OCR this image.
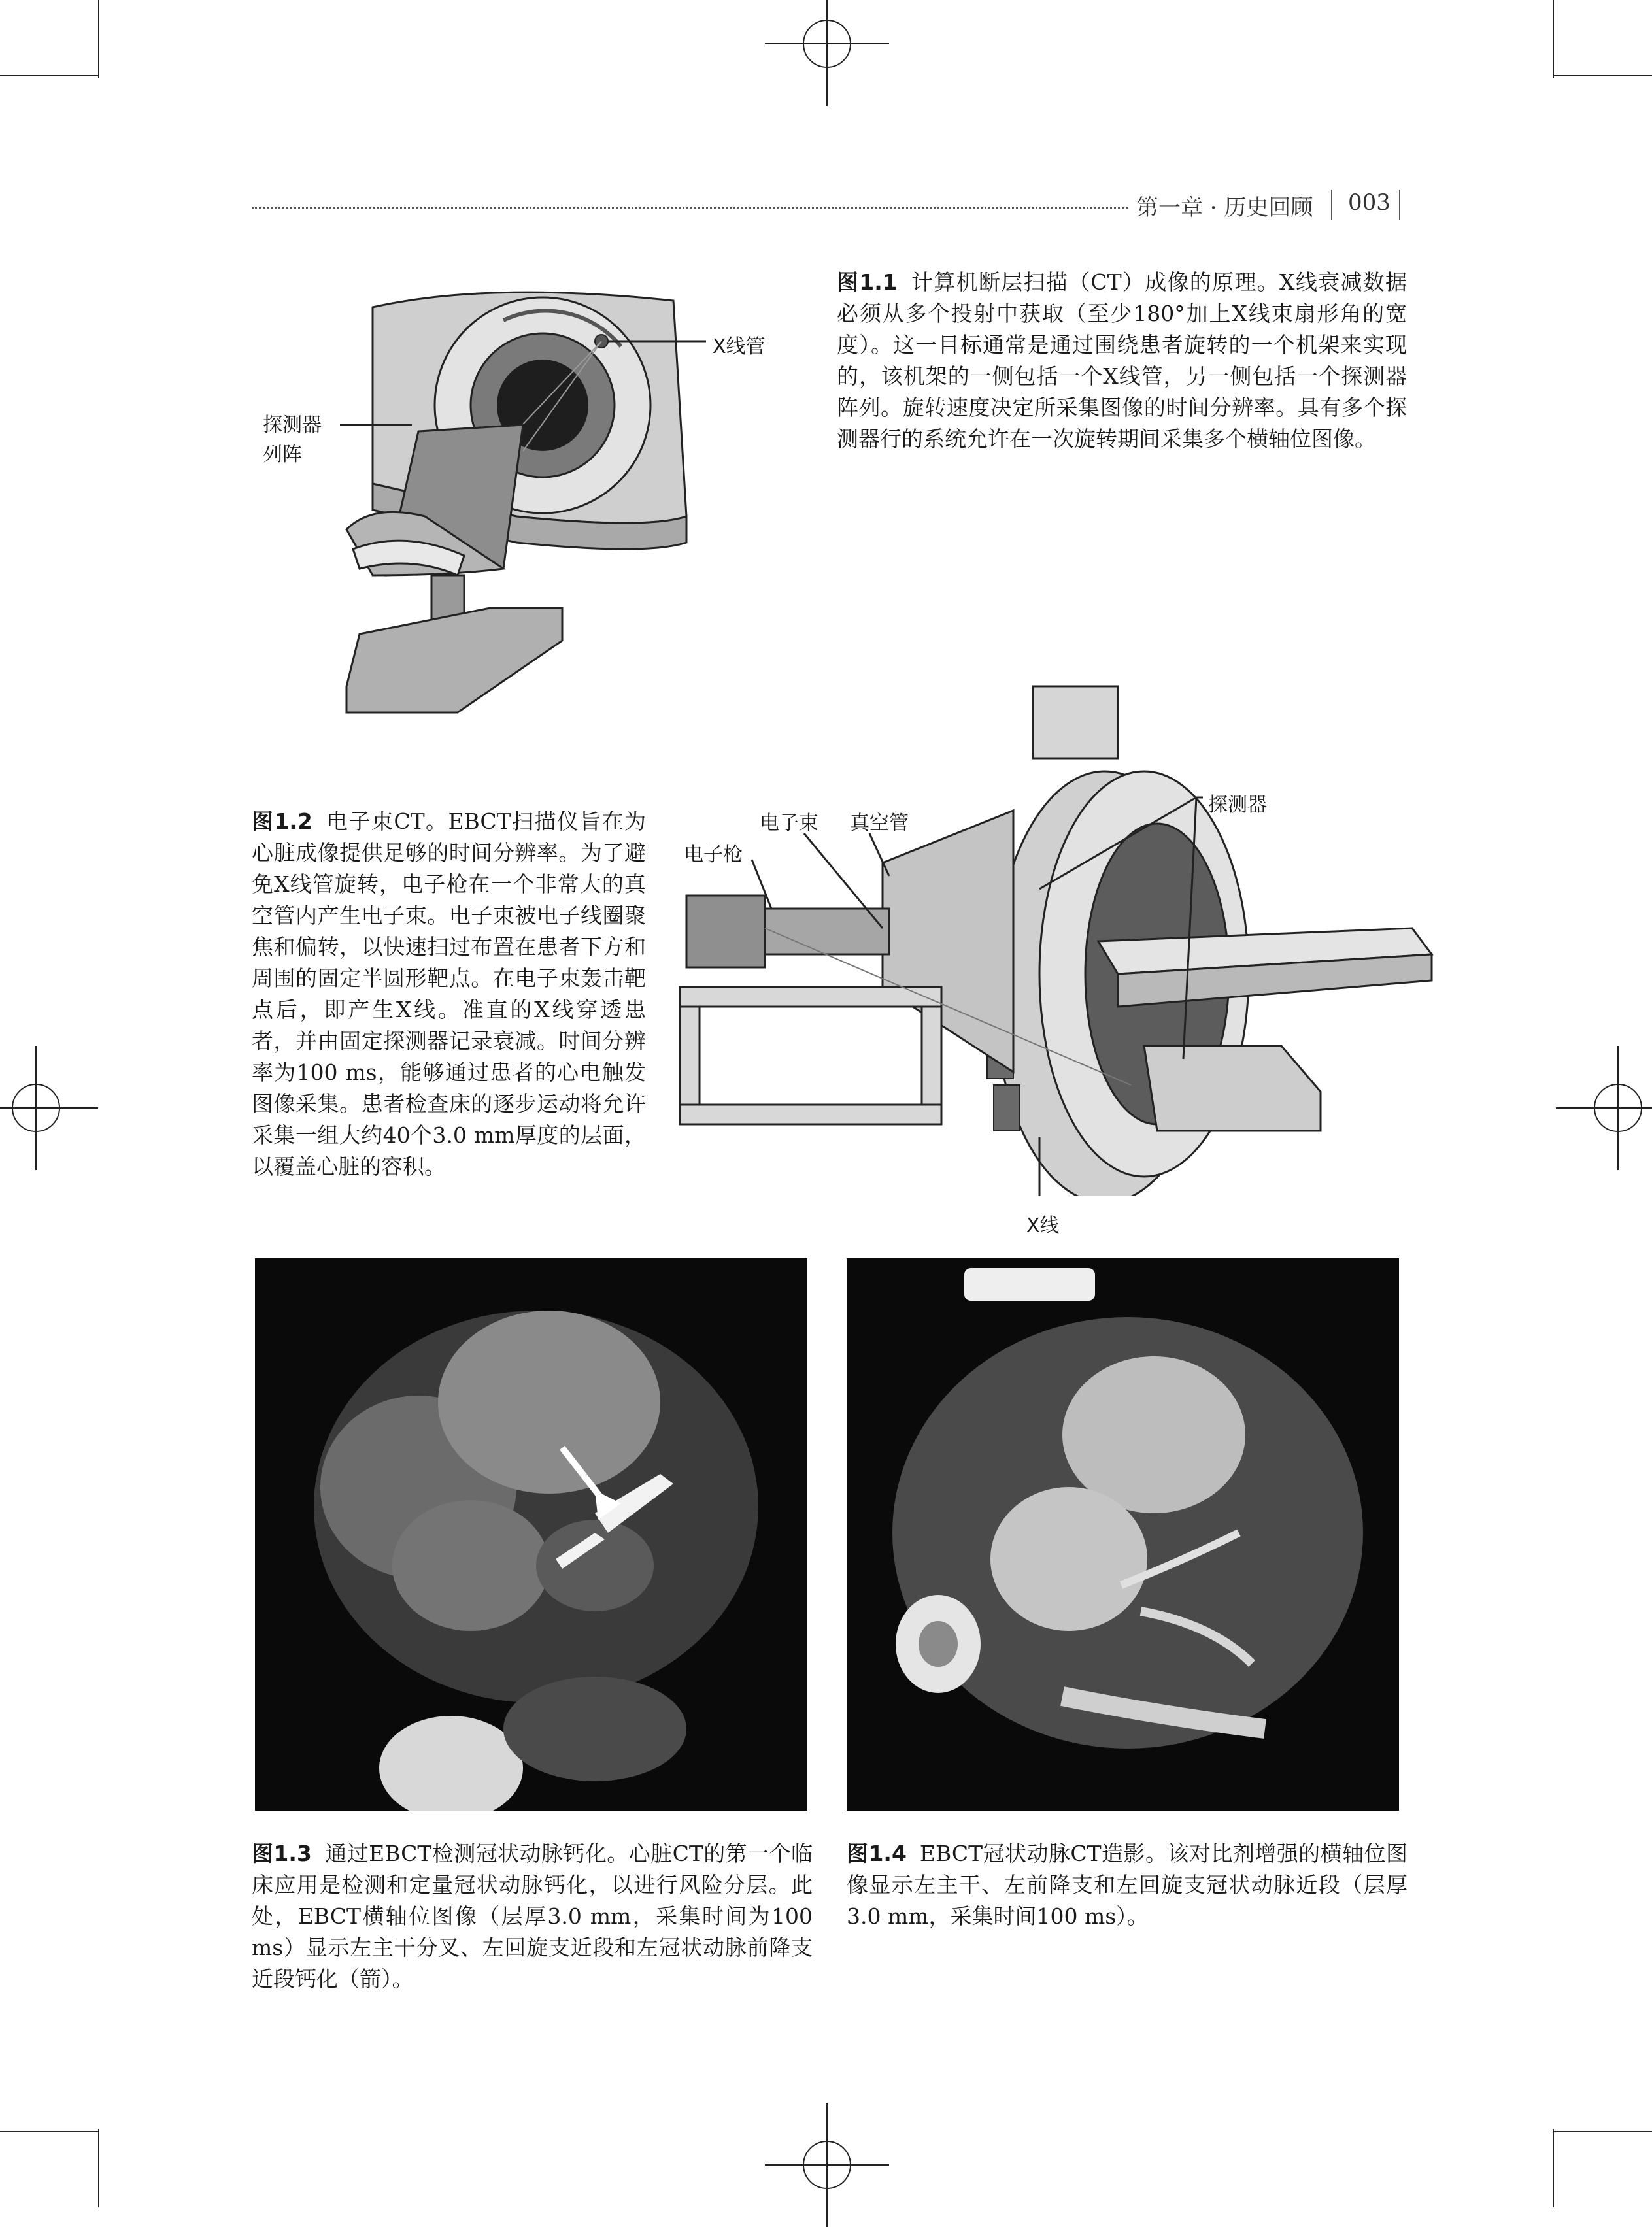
第一章 · 历史回顾 003
X线管
探测器
列阵
图1.1 计算机断层扫描（CT）成像的原理。X线衰减数据必须从多个投射中获取（至少180°加上X线束扇形角的宽度）。这一目标通常是通过围绕患者旋转的一个机架来实现的，该机架的一侧包括一个X线管，另一侧包括一个探测器阵列。旋转速度决定所采集图像的时间分辨率。具有多个探测器行的系统允许在一次旋转期间采集多个横轴位图像。
图1.2 电子束CT。EBCT扫描仪旨在为心脏成像提供足够的时间分辨率。为了避免X线管旋转，电子枪在一个非常大的真空管内产生电子束。电子束被电子线圈聚焦和偏转，以快速扫过布置在患者下方和周围的固定半圆形靶点。在电子束轰击靶点后，即产生X线。准直的X线穿透患者，并由固定探测器记录衰减。时间分辨率为100 ms，能够通过患者的心电触发图像采集。患者检查床的逐步运动将允许采集一组大约40个3.0 mm厚度的层面，以覆盖心脏的容积。
电子枪
电子束 真空管
探测器
X线
图1.3 通过EBCT检测冠状动脉钙化。心脏CT的第一个临床应用是检测和定量冠状动脉钙化，以进行风险分层。此处，EBCT横轴位图像（层厚3.0 mm，采集时间为100 ms）显示左主干分叉、左回旋支近段和左冠状动脉前降支近段钙化（箭）。
图1.4 EBCT冠状动脉CT造影。该对比剂增强的横轴位图像显示左主干、左前降支和左回旋支冠状动脉近段（层厚3.0 mm，采集时间100 ms）。
